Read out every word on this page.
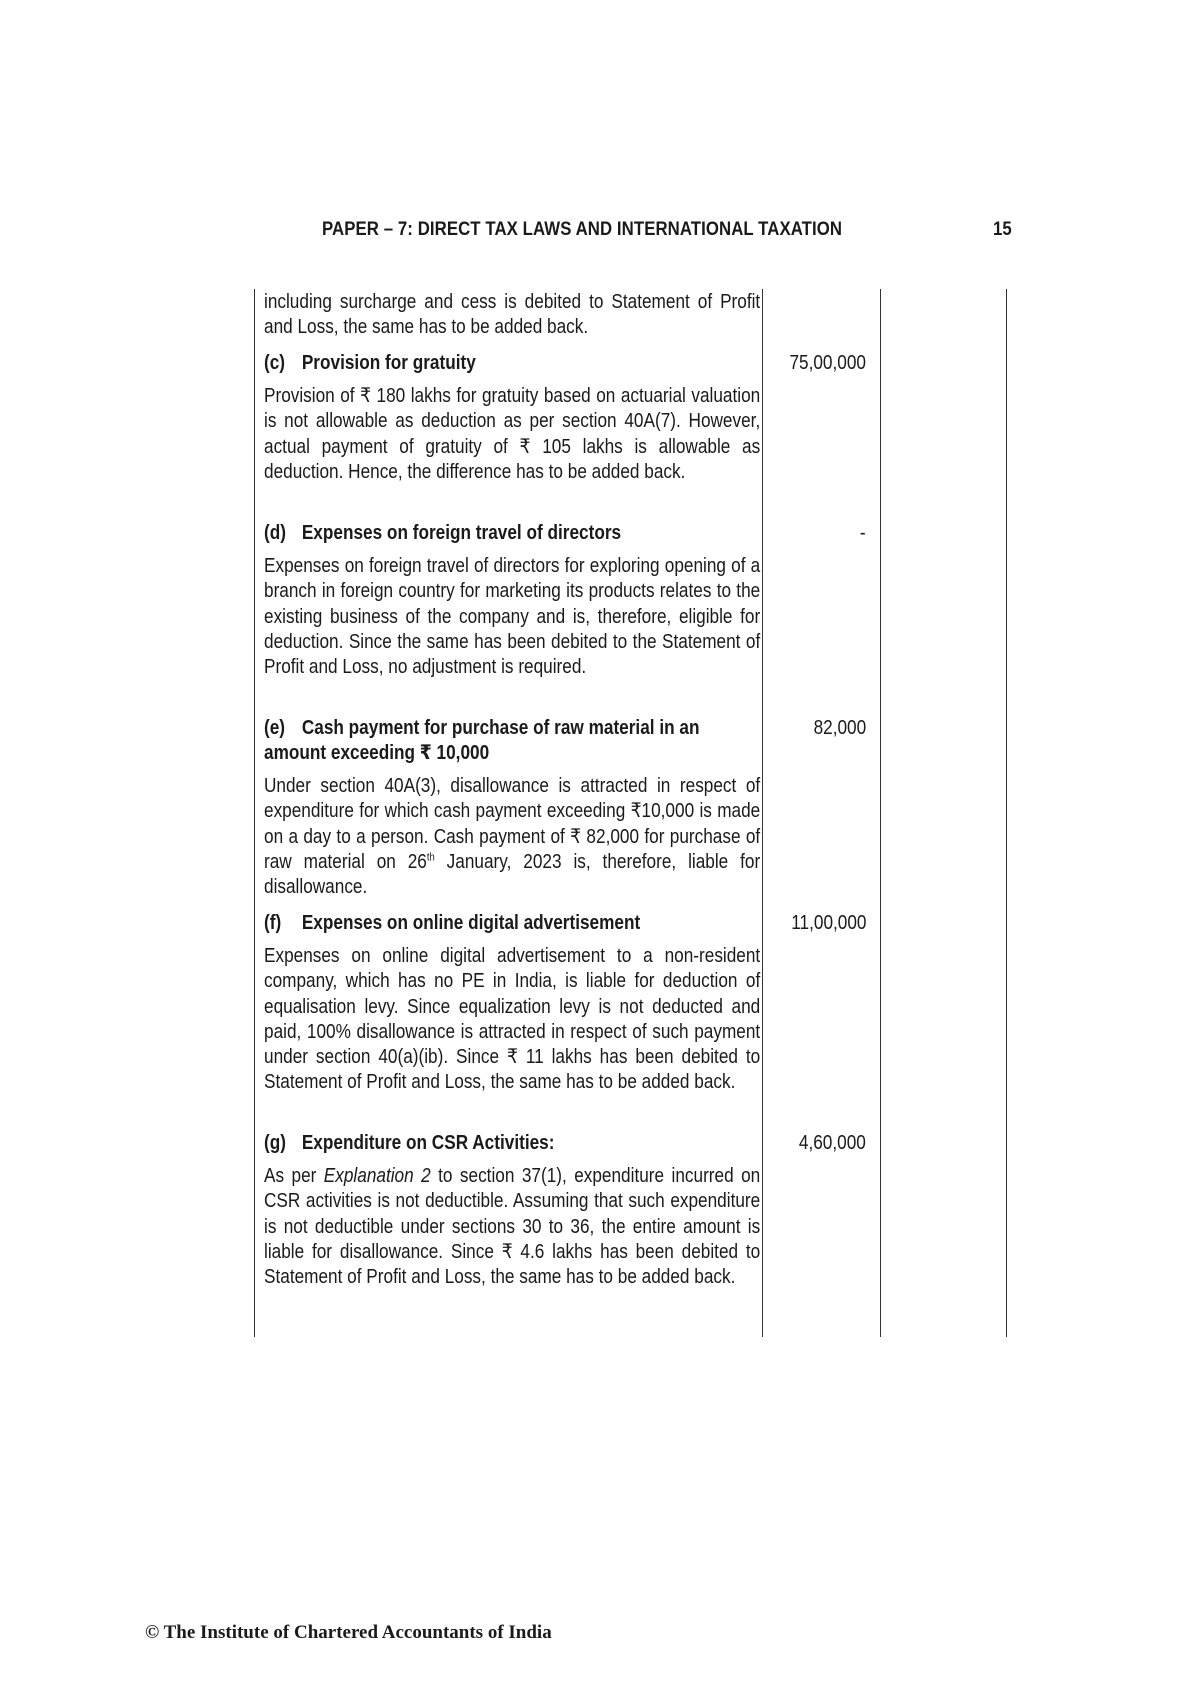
PAPER – 7: DIRECT TAX LAWS AND INTERNATIONAL TAXATION	15
including surcharge and cess is debited to Statement of Profit and Loss, the same has to be added back.
(c) Provision for gratuity	75,00,000
Provision of ₹ 180 lakhs for gratuity based on actuarial valuation is not allowable as deduction as per section 40A(7). However, actual payment of gratuity of ₹ 105 lakhs is allowable as deduction. Hence, the difference has to be added back.
(d) Expenses on foreign travel of directors	-
Expenses on foreign travel of directors for exploring opening of a branch in foreign country for marketing its products relates to the existing business of the company and is, therefore, eligible for deduction. Since the same has been debited to the Statement of Profit and Loss, no adjustment is required.
(e) Cash payment for purchase of raw material in an amount exceeding ₹ 10,000
82,000
Under section 40A(3), disallowance is attracted in respect of expenditure for which cash payment exceeding ₹10,000 is made on a day to a person. Cash payment of ₹ 82,000 for purchase of raw material on 26th January, 2023 is, therefore, liable for disallowance.
(f) Expenses on online digital advertisement	11,00,000
Expenses on online digital advertisement to a non-resident company, which has no PE in India, is liable for deduction of equalisation levy. Since equalization levy is not deducted and paid, 100% disallowance is attracted in respect of such payment under section 40(a)(ib). Since ₹ 11 lakhs has been debited to Statement of Profit and Loss, the same has to be added back.
(g) Expenditure on CSR Activities:	4,60,000
As per Explanation 2 to section 37(1), expenditure incurred on CSR activities is not deductible. Assuming that such expenditure is not deductible under sections 30 to 36, the entire amount is liable for disallowance. Since ₹ 4.6 lakhs has been debited to Statement of Profit and Loss, the same has to be added back.
© The Institute of Chartered Accountants of India
